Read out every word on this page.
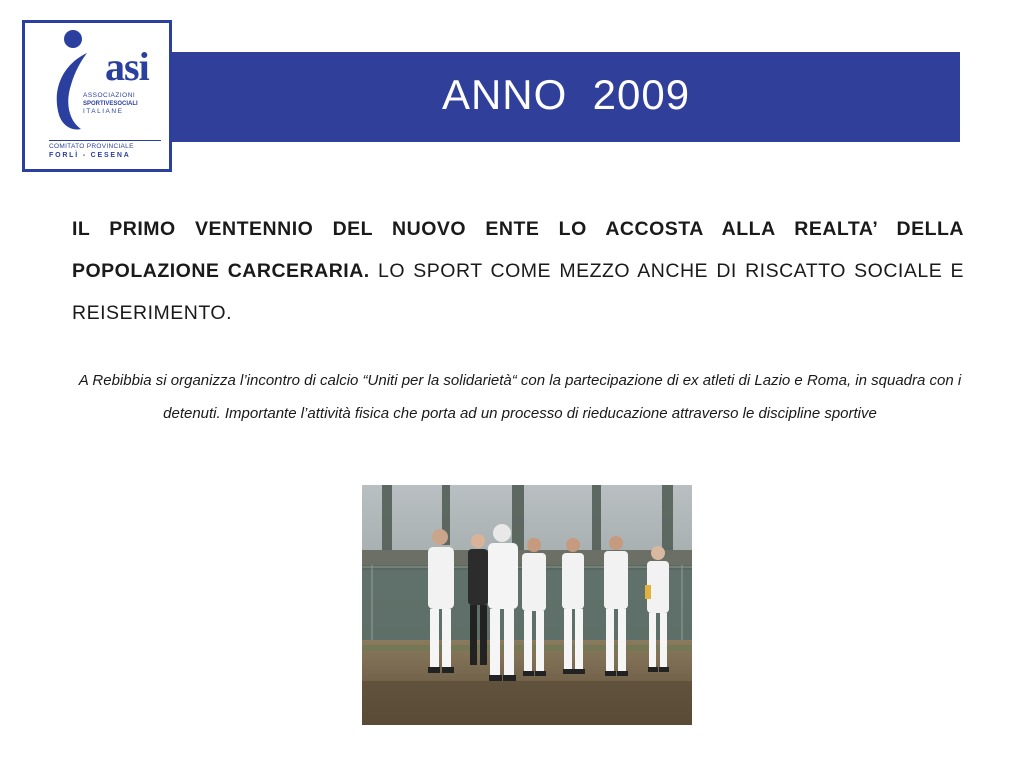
asi
ASSOCIAZIONI
SPORTIVESOCIALI
ITALIANE
COMITATO PROVINCIALE
FORLÌ - CESENA
ANNO  2009
IL PRIMO VENTENNIO DEL NUOVO ENTE LO ACCOSTA ALLA REALTA’ DELLA POPOLAZIONE CARCERARIA. LO SPORT COME MEZZO ANCHE DI RISCATTO SOCIALE E REISERIMENTO.
A Rebibbia si organizza l’incontro di calcio “Uniti per la solidarietà“ con la partecipazione di ex atleti di Lazio e Roma, in squadra con i detenuti. Importante l’attività fisica che porta ad un processo di rieducazione attraverso le discipline sportive
